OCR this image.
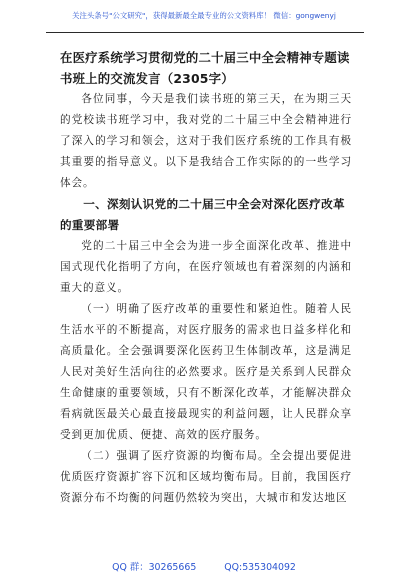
关注头条号"公文研究"，获得最新最全最专业的公文资料库！ 微信：gongwenyj

在医疗系统学习贯彻党的二十届三中全会精神专题读书班上的交流发言（2305字）

各位同事，今天是我们读书班的第三天，在为期三天的党校读书班学习中，我对党的二十届三中全会精神进行了深入的学习和领会，这对于我们医疗系统的工作具有极其重要的指导意义。以下是我结合工作实际的的一些学习体会。

一、深刻认识党的二十届三中全会对深化医疗改革的重要部署

党的二十届三中全会为进一步全面深化改革、推进中国式现代化指明了方向，在医疗领域也有着深刻的内涵和重大的意义。

（一）明确了医疗改革的重要性和紧迫性。随着人民生活水平的不断提高，对医疗服务的需求也日益多样化和高质量化。全会强调要深化医药卫生体制改革，这是满足人民对美好生活向往的必然要求。医疗是关系到人民群众生命健康的重要领域，只有不断深化改革，才能解决群众看病就医最关心最直接最现实的利益问题，让人民群众享受到更加优质、便捷、高效的医疗服务。

（二）强调了医疗资源的均衡布局。全会提出要促进优质医疗资源扩容下沉和区域均衡布局。目前，我国医疗资源分布不均衡的问题仍然较为突出，大城市和发达地区

QQ 群：30265665	QQ:535304092
